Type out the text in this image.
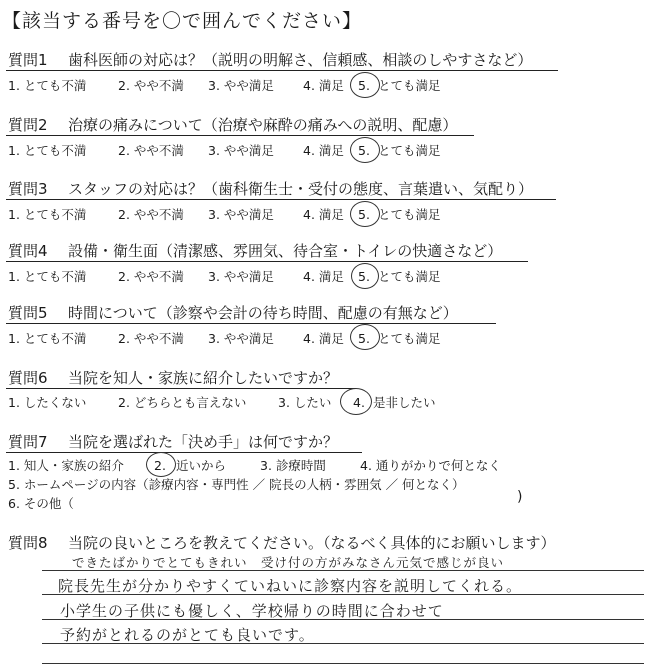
【該当する番号を〇で囲んでください】
質問1 歯科医師の対応は？（説明の明解さ、信頼感、相談のしやすさなど）
1. とても不満	2. やや不満 3. やや満足 4. 満足 5. とても満足
質問2 治療の痛みについて（治療や麻酔の痛みへの説明、配慮）
1. とても不満	2. やや不満 3. やや満足 4. 満足 5. とても満足
質問3 スタッフの対応は？（歯科衛生士・受付の態度、言葉遣い、気配り）
1. とても不満	2. やや不満 3. やや満足 4. 満足 5. とても満足
質問4 設備・衛生面（清潔感、雰囲気、待合室・トイレの快適さなど）
1. とても不満	2. やや不満 3. やや満足 4. 満足 5. とても満足
質問5 時間について（診察や会計の待ち時間、配慮の有無など）
1. とても不満	2. やや不満 3. やや満足 4. 満足 5. とても満足
質問6 当院を知人・家族に紹介したいですか？
1. したくない	2. どちらとも言えない	3. したい 4. 是非したい
質問7 当院を選ばれた「決め手」は何ですか？
1. 知人・家族の紹介 2. 近いから	3. 診療時間	4. 通りがかりで何となく
5. ホームページの内容（診療内容・専門性 ／ 院長の人柄・雰囲気 ／ 何となく）
6. その他（	)
質問8 当院の良いところを教えてください。（なるべく具体的にお願いします）
できたばかりでとてもきれい　受け付の方がみなさん元気で感じが良い
院長先生が分かりやすくていねいに診察内容を説明してくれる。
小学生の子供にも優しく、学校帰りの時間に合わせて
予約がとれるのがとても良いです。
